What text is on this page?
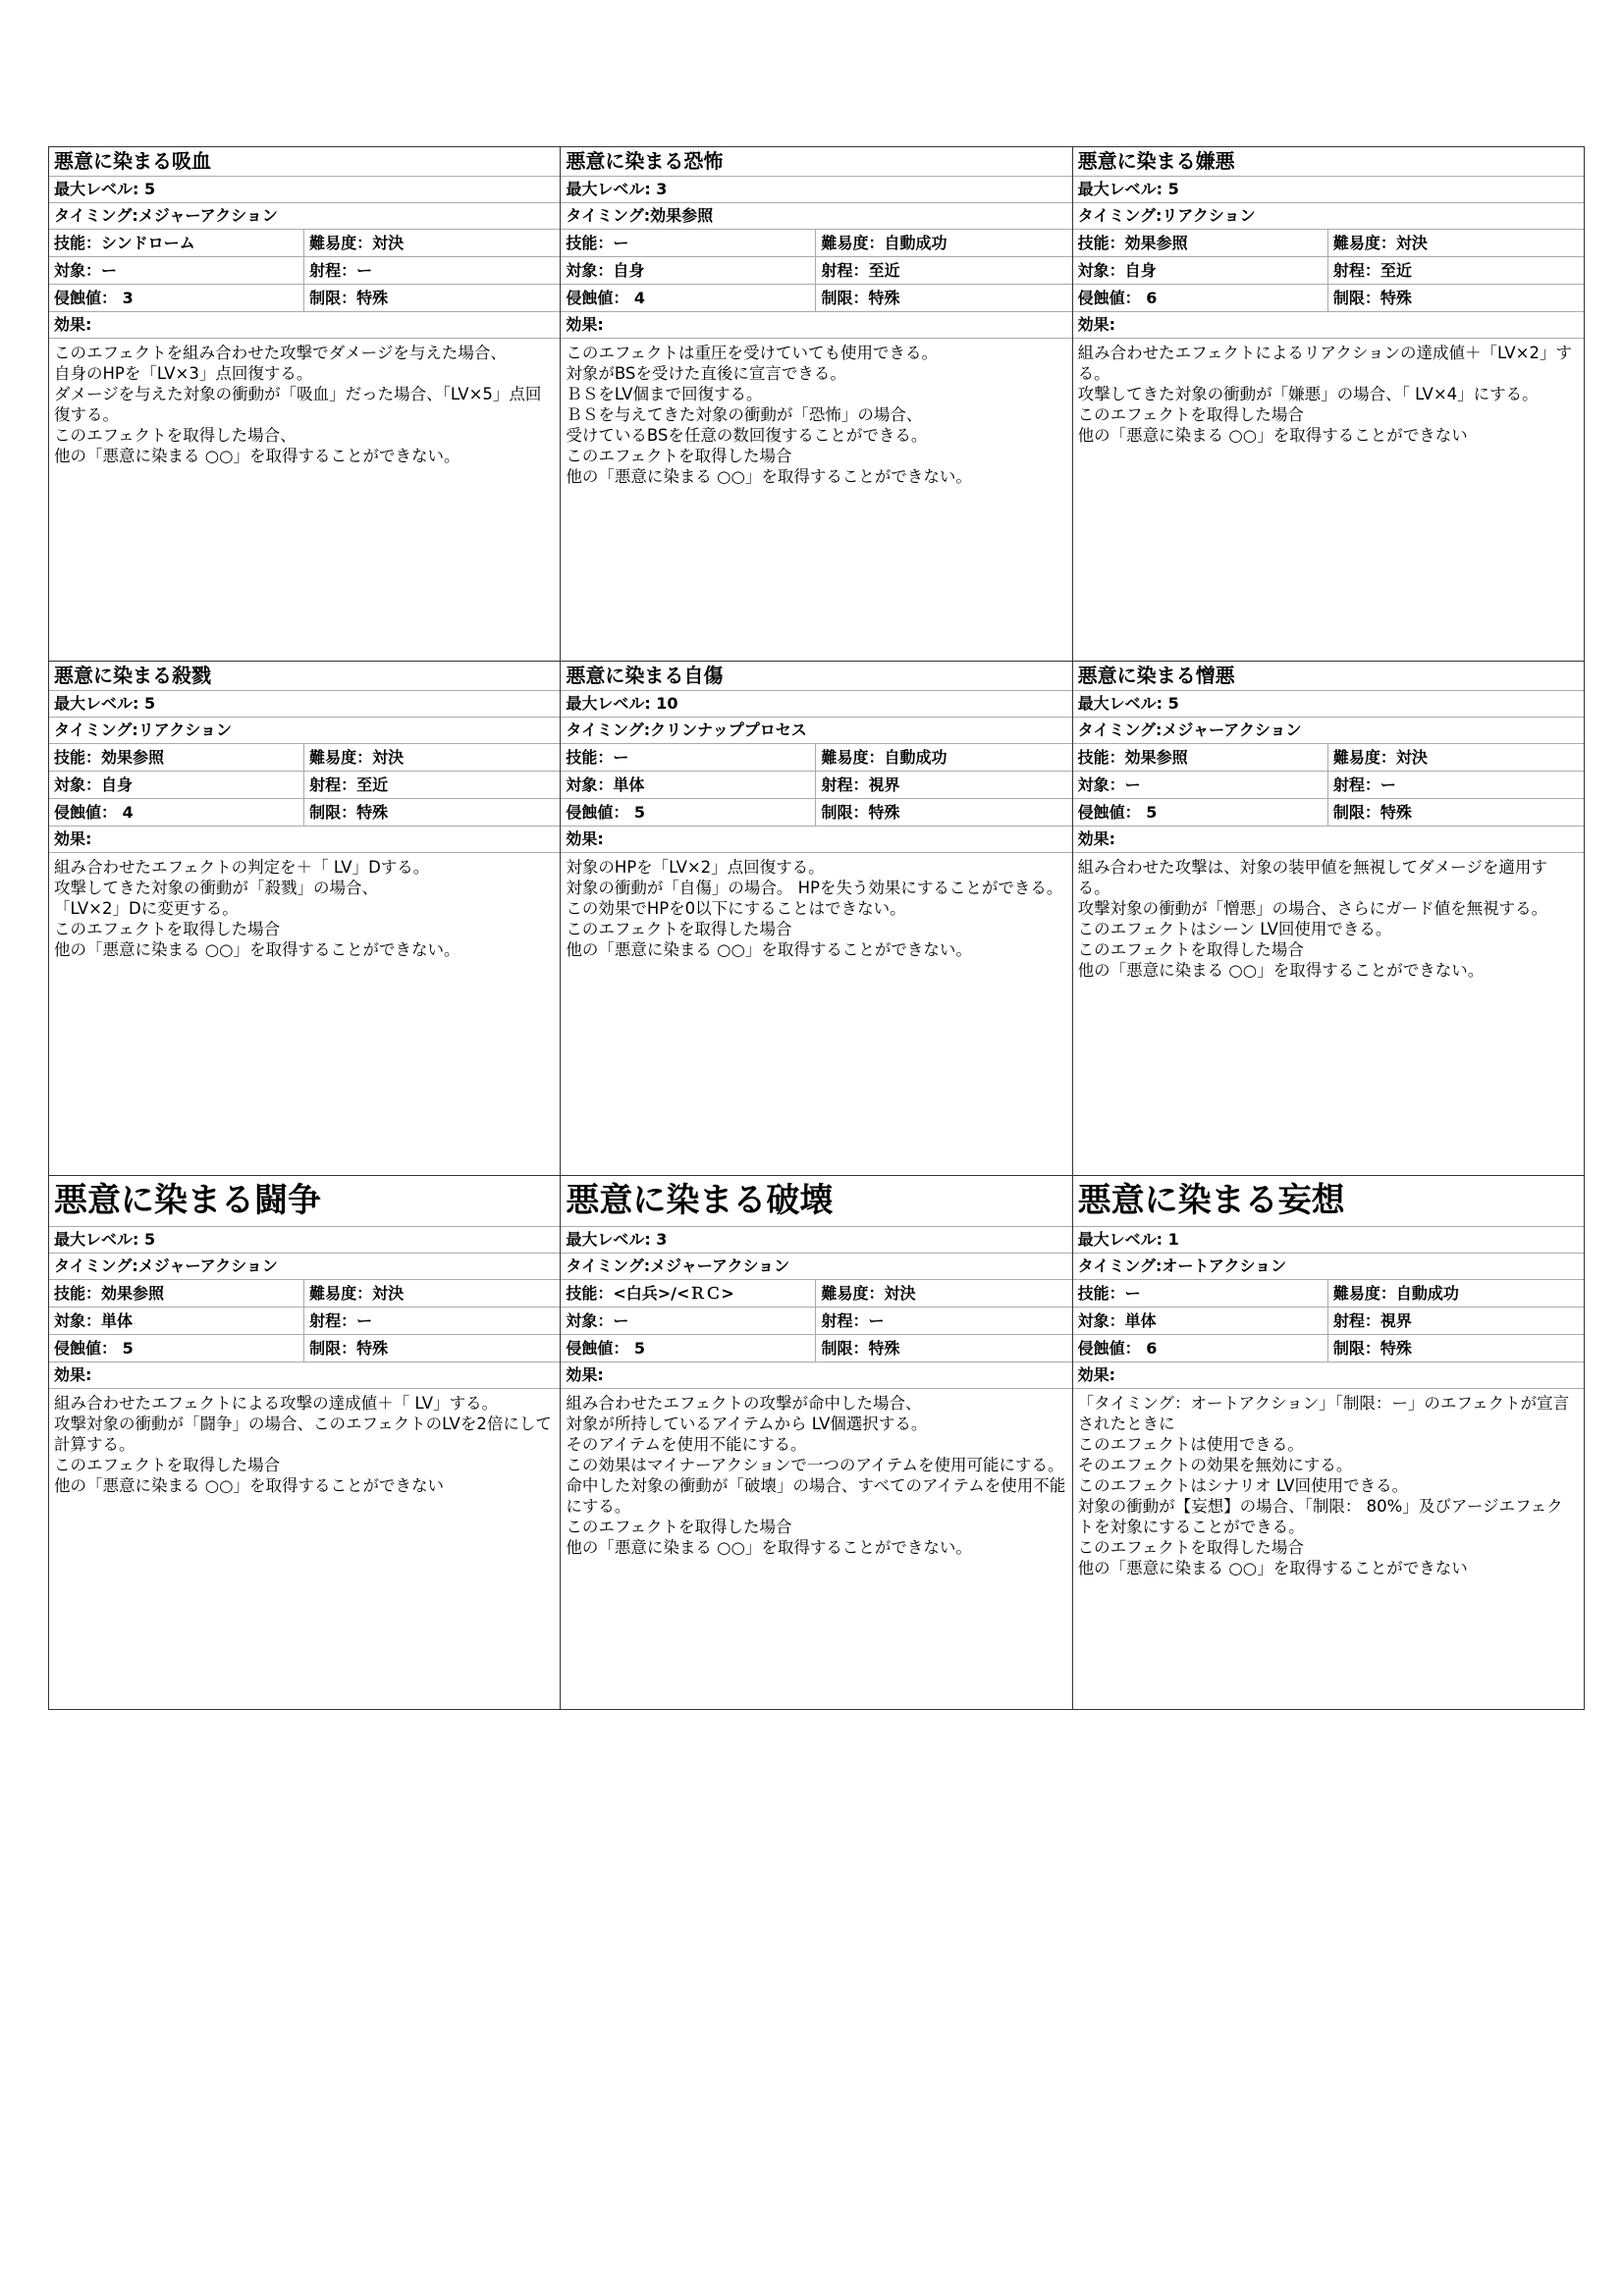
悪意に染まる吸血
最大レベル: 5
タイミング:メジャーアクション
技能：シンドローム	難易度：対決
対象：ー	射程：ー
侵蝕値： 3	制限：特殊
効果:
このエフェクトを組み合わせた攻撃でダメージを与えた場合、
自身のHPを「LV×3」点回復する。
ダメージを与えた対象の衝動が「吸血」だった場合、「LV×5」点回復する。
このエフェクトを取得した場合、
他の「悪意に染まる ○○」を取得することができない。
悪意に染まる恐怖
最大レベル: 3
タイミング:効果参照
技能：ー	難易度：自動成功
対象：自身	射程：至近
侵蝕値： 4	制限：特殊
効果:
このエフェクトは重圧を受けていても使用できる。
対象がBSを受けた直後に宣言できる。
ＢＳをLV個まで回復する。
ＢＳを与えてきた対象の衝動が「恐怖」の場合、
受けているBSを任意の数回復することができる。
このエフェクトを取得した場合
他の「悪意に染まる ○○」を取得することができない。
悪意に染まる嫌悪
最大レベル: 5
タイミング:リアクション
技能：効果参照	難易度：対決
対象：自身	射程：至近
侵蝕値： 6	制限：特殊
効果:
組み合わせたエフェクトによるリアクションの達成値＋「LV×2」する。
攻撃してきた対象の衝動が「嫌悪」の場合、「 LV×4」にする。
このエフェクトを取得した場合
他の「悪意に染まる ○○」を取得することができない
悪意に染まる殺戮
最大レベル: 5
タイミング:リアクション
技能：効果参照	難易度：対決
対象：自身	射程：至近
侵蝕値： 4	制限：特殊
効果:
組み合わせたエフェクトの判定を＋「 LV」Dする。
攻撃してきた対象の衝動が「殺戮」の場合、
「LV×2」Dに変更する。
このエフェクトを取得した場合
他の「悪意に染まる ○○」を取得することができない。
悪意に染まる自傷
最大レベル: 10
タイミング:クリンナッププロセス
技能：ー	難易度：自動成功
対象：単体	射程：視界
侵蝕値： 5	制限：特殊
効果:
対象のHPを「LV×2」点回復する。
対象の衝動が「自傷」の場合。 HPを失う効果にすることができる。
この効果でHPを0以下にすることはできない。
このエフェクトを取得した場合
他の「悪意に染まる ○○」を取得することができない。
悪意に染まる憎悪
最大レベル: 5
タイミング:メジャーアクション
技能：効果参照	難易度：対決
対象：ー	射程：ー
侵蝕値： 5	制限：特殊
効果:
組み合わせた攻撃は、対象の装甲値を無視してダメージを適用する。
攻撃対象の衝動が「憎悪」の場合、さらにガード値を無視する。
このエフェクトはシーン LV回使用できる。
このエフェクトを取得した場合
他の「悪意に染まる ○○」を取得することができない。
悪意に染まる闘争
最大レベル: 5
タイミング:メジャーアクション
技能：効果参照	難易度：対決
対象：単体	射程：ー
侵蝕値： 5	制限：特殊
効果:
組み合わせたエフェクトによる攻撃の達成値＋「 LV」する。
攻撃対象の衝動が「闘争」の場合、このエフェクトのLVを2倍にして計算する。
このエフェクトを取得した場合
他の「悪意に染まる ○○」を取得することができない
悪意に染まる破壊
最大レベル: 3
タイミング:メジャーアクション
技能：<白兵>/<ＲＣ>	難易度：対決
対象：ー	射程：ー
侵蝕値： 5	制限：特殊
効果:
組み合わせたエフェクトの攻撃が命中した場合、
対象が所持しているアイテムから LV個選択する。
そのアイテムを使用不能にする。
この効果はマイナーアクションで一つのアイテムを使用可能にする。
命中した対象の衝動が「破壊」の場合、すべてのアイテムを使用不能にする。
このエフェクトを取得した場合
他の「悪意に染まる ○○」を取得することができない。
悪意に染まる妄想
最大レベル: 1
タイミング:オートアクション
技能：ー	難易度：自動成功
対象：単体	射程：視界
侵蝕値： 6	制限：特殊
効果:
「タイミング：オートアクション」「制限：ー」のエフェクトが宣言されたときに
このエフェクトは使用できる。
そのエフェクトの効果を無効にする。
このエフェクトはシナリオ LV回使用できる。
対象の衝動が【妄想】の場合、「制限： 80%」及びアージエフェクトを対象にすることができる。
このエフェクトを取得した場合
他の「悪意に染まる ○○」を取得することができない
